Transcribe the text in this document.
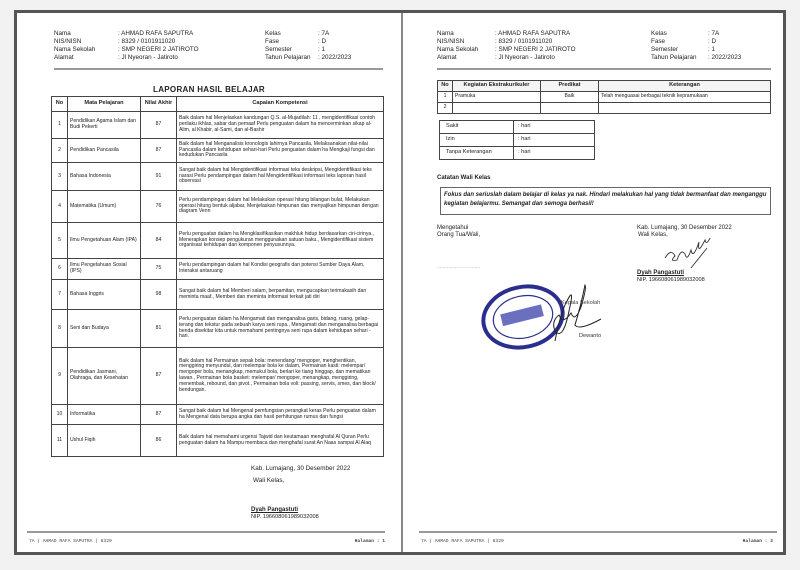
Nama	: AHMAD RAFA SAPUTRA	Kelas	: 7A
NIS/NISN	: 8329 / 0101911020	Fase	: D
Nama Sekolah	: SMP NEGERI 2 JATIROTO	Semester	: 1
Alamat	: Jl Nyeoran - Jatiroto	Tahun Pelajaran : 2022/2023
LAPORAN HASIL BELAJAR
No	Mata Pelajaran	Nilai Akhir	Capaian Kompetensi
1	Pendidikan Agama Islam dan Budi Pekerti	87	Baik dalam hal Menjelaskan kandungan Q.S. al-Mujadilah: 11 , mengidentifikasi contoh perilaku ikhlas, sabar dan pemaaf Perlu penguatan dalam ha mencerminkan sikap al-Alim, al Khabir, al-Sami, dan al-Bashir
2	Pendidikan Pancasila	87	Baik dalam hal Menganalisis kronologis lahirnya Pancasila, Melaksanakan nilai-nilai Pancasila dalam kehidupan sehari-hari Perlu penguatan dalam ha Mengkaji fungsi dan kedudukan Pancasila
3	Bahasa Indonesia	91	Sangat baik dalam hal Mengidentifikasi informasi teks deskripsi, Mengidentifikasi teks narasi Perlu pendampingan dalam hal Mengidentifikasi informasi teks laporan hasil observasi
4	Matematika (Umum)	76	Perlu pendampingan dalam hal Melakukan operasi hitung bilangan bulat, Melakukan operasi hitung bentuk aljabar, Menjelaskan himpunan dan menyajikan himpunan dengan diagram Venn
5	Ilmu Pengetahuan Alam (IPA)	84	Perlu penguatan dalam ha Mengklasifikasikan makhluk hidup berdasarkan ciri-cirinya., Menerapkan konsep pengukuran menggunakan satuan baku., Mengidentifikasi sistem organisasi kehidupan dan komponen penyusunnya.
6	Ilmu Pengetahuan Sosial (IPS)	75	Perlu pendampingan dalam hal Kondisi geografis dan potensi Sumber Daya Alam, Interaksi antaruang
7	Bahasa Inggris	98	Sangat baik dalam hal Memberi salam, berpamitan, mengucapkan terimakasih dan meminta maaf., Memberi dan meminta informasi terkait jati diri
8	Seni dan Budaya	81	Perlu penguatan dalam ha Mengamati dan menganalisa garis, bidang, ruang, gelap-terang dan tekstur pada sebuah karya seni rupa., Mengamati dan menganalisa berbagai benda disekitar kita untuk memahami pentingnya seni rupa dalam kehidupan sehari - hari.
9	Pendidikan Jasmani, Olahraga, dan Kesehatan	87	Baik dalam hal Permainan sepak bola: menendang/ mengoper, menghentikan, menggiring menyundul, dan melempar bola ke dalam, Permainan kasti: melempar/ mengoper bola, menangkap, memukul bola, berlari ke tiang hinggap, dan mematikan lawan., Permainan bola basket: melempar/ mengoper, menangkap, menggiring, menembak, rebound, dan pivot., Permainan bola voli: passing, servis, smes, dan block/ bendungan.
10	Informatika	87	Sangat baik dalam hal Mengenal pemfungsian perangkat keras Perlu penguatan dalam ha Mengenal data berupa angka dan hasil perhitungan rumus dan fungsi
11	Ushul Fiqih	86	Baik dalam hal memahami urgensi Tajwid dan keutamaan menghafal Al Quran Perlu penguatan dalam ha Mampu membaca dan menghafal surat An Naas sampai Al Alaq
Kab. Lumajang, 30 Desember 2022
Wali Kelas,
Dyah Pangastuti
NIP. 196608061989032008
7A | AHMAD RAFA SAPUTRA | 8329	Halaman : 1
Nama	: AHMAD RAFA SAPUTRA	Kelas	: 7A
NIS/NISN	: 8329 / 0101911020	Fase	: D
Nama Sekolah	: SMP NEGERI 2 JATIROTO	Semester	: 1
Alamat	: Jl Nyeoran - Jatiroto	Tahun Pelajaran : 2022/2023
No	Kegiatan Ekstrakurikuler	Predikat	Keterangan
1	Pramuka	Baik	Telah menguasai berbagai teknik kepramukaan
2			
Sakit	: hari
Izin	: hari
Tanpa Keterangan	: hari
Catatan Wali Kelas
Fokus dan seriuslah dalam belajar di kelas ya nak. Hindari melakukan hal yang tidak bermanfaat dan menganggu kegiatan belajarmu. Semangat dan semoga berhasil!
Mengetahui
Orang Tua/Wali,
...............................
Kab. Lumajang, 30 Desember 2022
Wali Kelas,
Dyah Pangastuti
NIP. 196608061989032008
Kepala Sekolah
Dewanto
7A | AHMAD RAFA SAPUTRA | 8329	Halaman : 2
